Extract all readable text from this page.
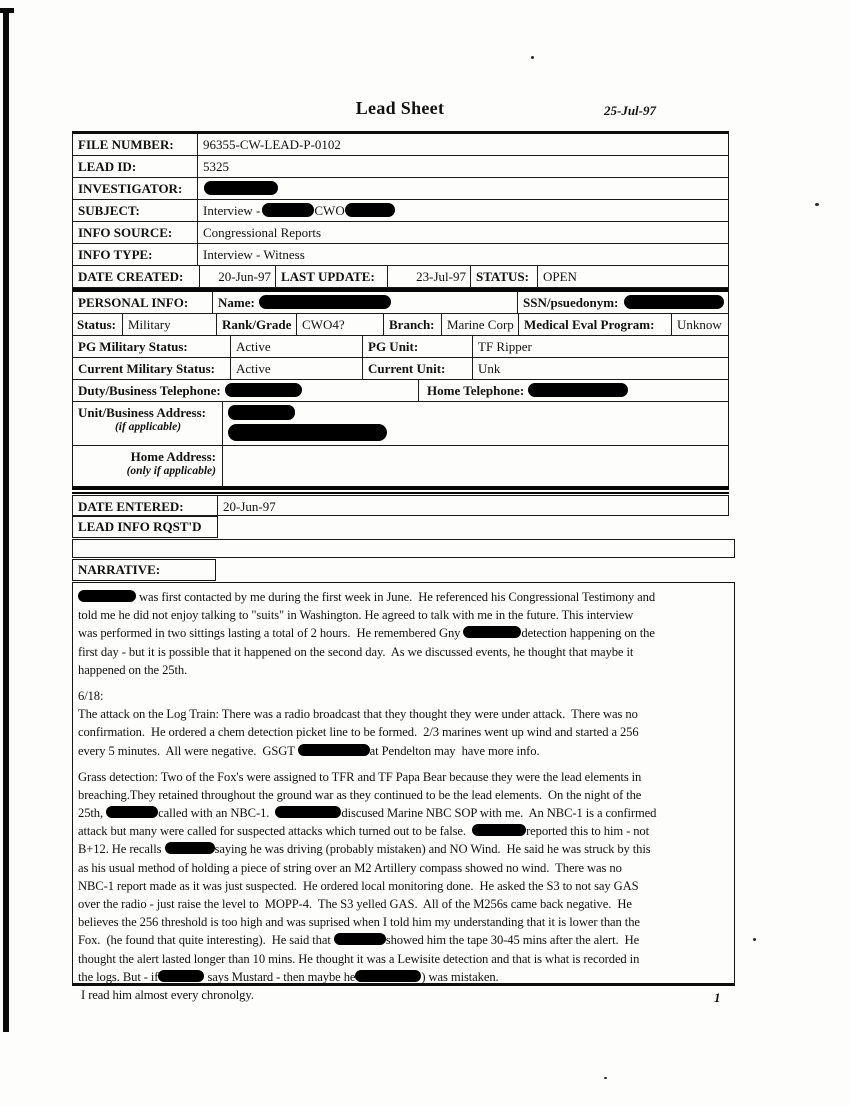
Lead Sheet	25-Jul-97
FILE NUMBER:	96355-CW-LEAD-P-0102
LEAD ID:	5325
INVESTIGATOR:
SUBJECT:	Interview -	CWO
INFO SOURCE:	Congressional Reports
INFO TYPE:	Interview - Witness
DATE CREATED:	20-Jun-97 LAST UPDATE:	23-Jul-97 STATUS:	OPEN
PERSONAL INFO:	Name:	SSN/psuedonym:
Status: Military	Rank/Grade CWO4?	Branch: Marine Corp Medical Eval Program:	Unknow
PG Military Status:	Active	PG Unit:	TF Ripper
Current Military Status:	Active	Current Unit:	Unk
Duty/Business Telephone:	Home Telephone:
Unit/Business Address:
(if applicable)
Home Address:
(only if applicable)
DATE ENTERED:	20-Jun-97
LEAD INFO RQST'D
NARRATIVE:
was first contacted by me during the first week in June.  He referenced his Congressional Testimony and
told me he did not enjoy talking to "suits" in Washington. He agreed to talk with me in the future. This interview
was performed in two sittings lasting a total of 2 hours.  He remembered Gny	detection happening on the
first day - but it is possible that it happened on the second day.  As we discussed events, he thought that maybe it
happened on the 25th.
6/18:
The attack on the Log Train: There was a radio broadcast that they thought they were under attack.  There was no
confirmation.  He ordered a chem detection picket line to be formed.  2/3 marines went up wind and started a 256
every 5 minutes.  All were negative.  GSGT	at Pendelton may  have more info.
Grass detection: Two of the Fox's were assigned to TFR and TF Papa Bear because they were the lead elements in
breaching.They retained throughout the ground war as they continued to be the lead elements.  On the night of the
25th,	called with an NBC-1.	discused Marine NBC SOP with me.  An NBC-1 is a confirmed
attack but many were called for suspected attacks which turned out to be false.	reported this to him - not
B+12. He recalls	saying he was driving (probably mistaken) and NO Wind.  He said he was struck by this
as his usual method of holding a piece of string over an M2 Artillery compass showed no wind.  There was no
NBC-1 report made as it was just suspected.  He ordered local monitoring done.  He asked the S3 to not say GAS
over the radio - just raise the level to  MOPP-4.  The S3 yelled GAS.  All of the M256s came back negative.  He
believes the 256 threshold is too high and was suprised when I told him my understanding that it is lower than the
Fox.  (he found that quite interesting).  He said that	showed him the tape 30-45 mins after the alert.  He
thought the alert lasted longer than 10 mins. He thought it was a Lewisite detection and that is what is recorded in
the logs. But - if	says Mustard - then maybe he	) was mistaken.
I read him almost every chronolgy.	1
